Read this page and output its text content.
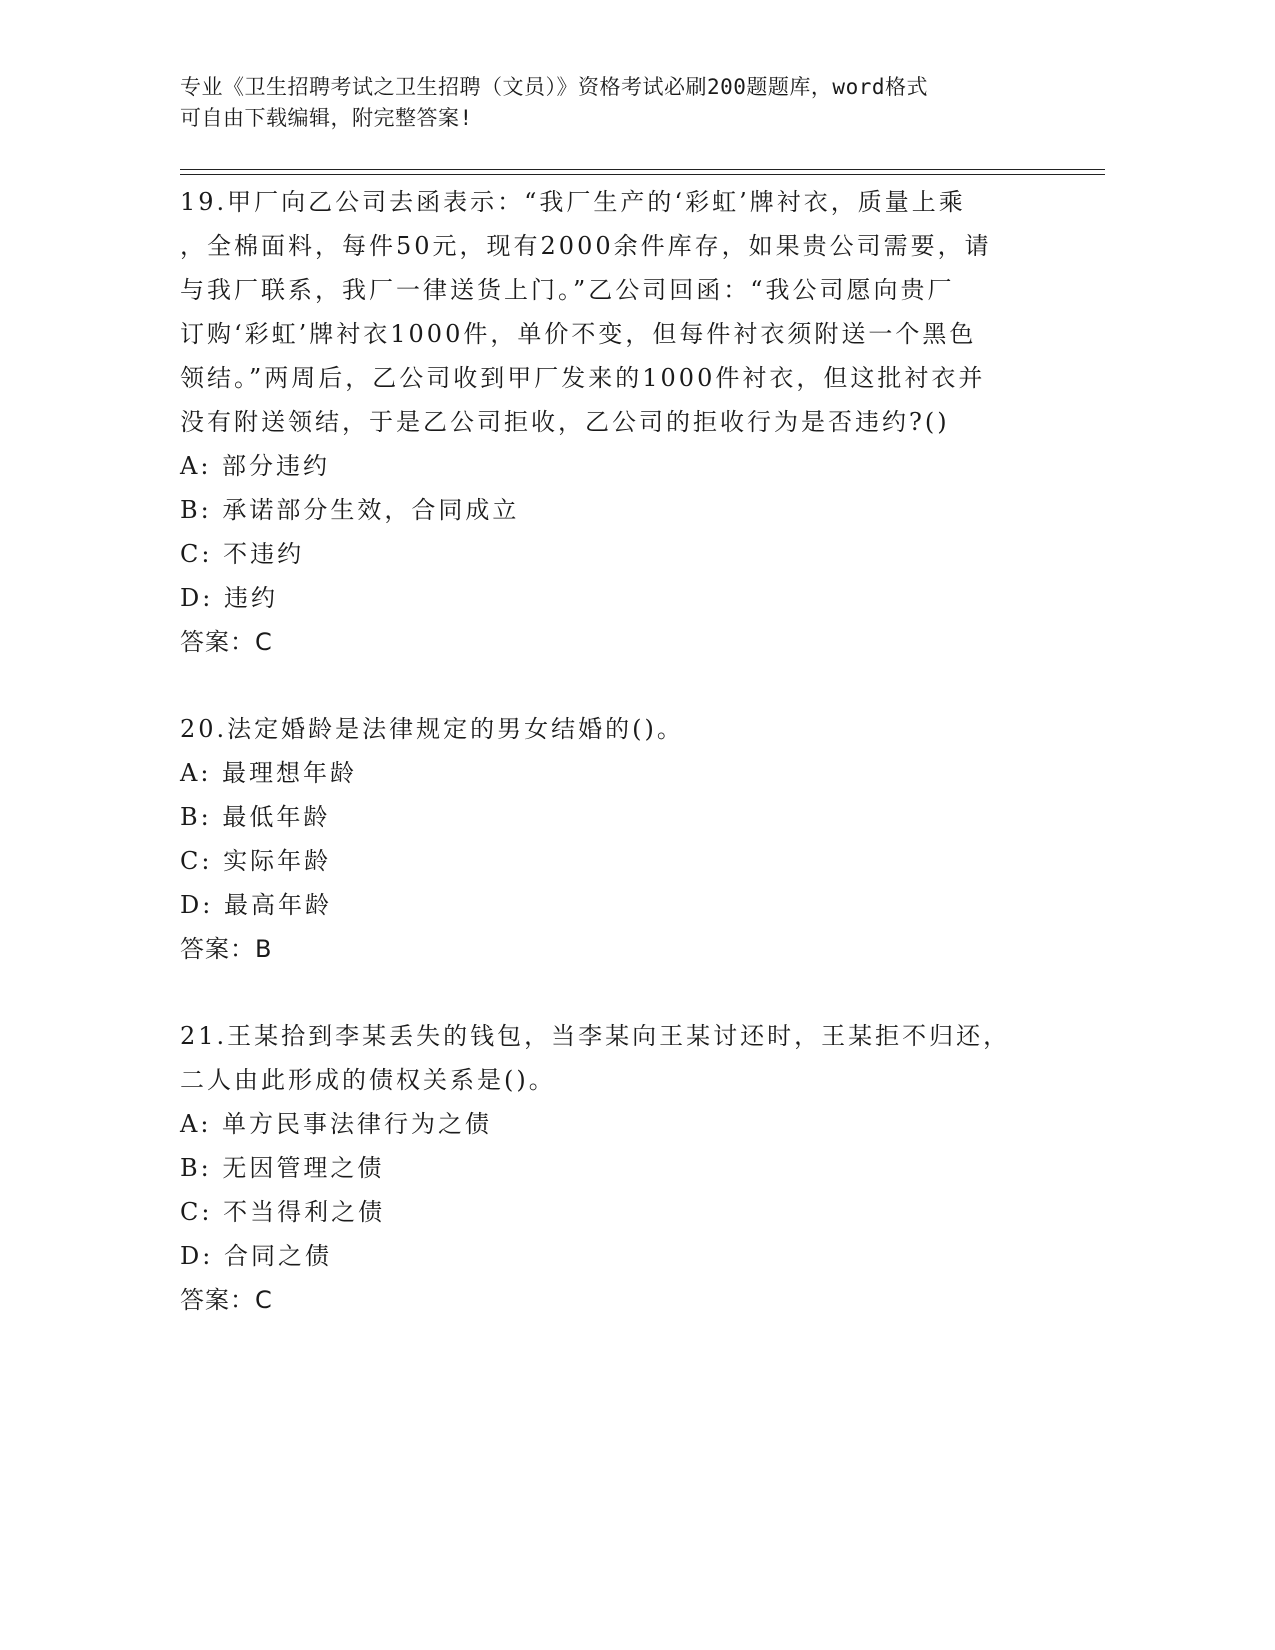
专业《卫生招聘考试之卫生招聘（文员）》资格考试必刷200题题库，word格式
可自由下载编辑，附完整答案!
19.甲厂向乙公司去函表示：“我厂生产的‘彩虹’牌衬衣，质量上乘
，全棉面料，每件50元，现有2000余件库存，如果贵公司需要，请
与我厂联系，我厂一律送货上门。”乙公司回函：“我公司愿向贵厂
订购‘彩虹’牌衬衣1000件，单价不变，但每件衬衣须附送一个黑色
领结。”两周后，乙公司收到甲厂发来的1000件衬衣，但这批衬衣并
没有附送领结，于是乙公司拒收，乙公司的拒收行为是否违约?()
A: 部分违约
B: 承诺部分生效，合同成立
C: 不违约
D: 违约
答案：C
20.法定婚龄是法律规定的男女结婚的()。
A: 最理想年龄
B: 最低年龄
C: 实际年龄
D: 最高年龄
答案：B
21.王某拾到李某丢失的钱包，当李某向王某讨还时，王某拒不归还，
二人由此形成的债权关系是()。
A: 单方民事法律行为之债
B: 无因管理之债
C: 不当得利之债
D: 合同之债
答案：C
